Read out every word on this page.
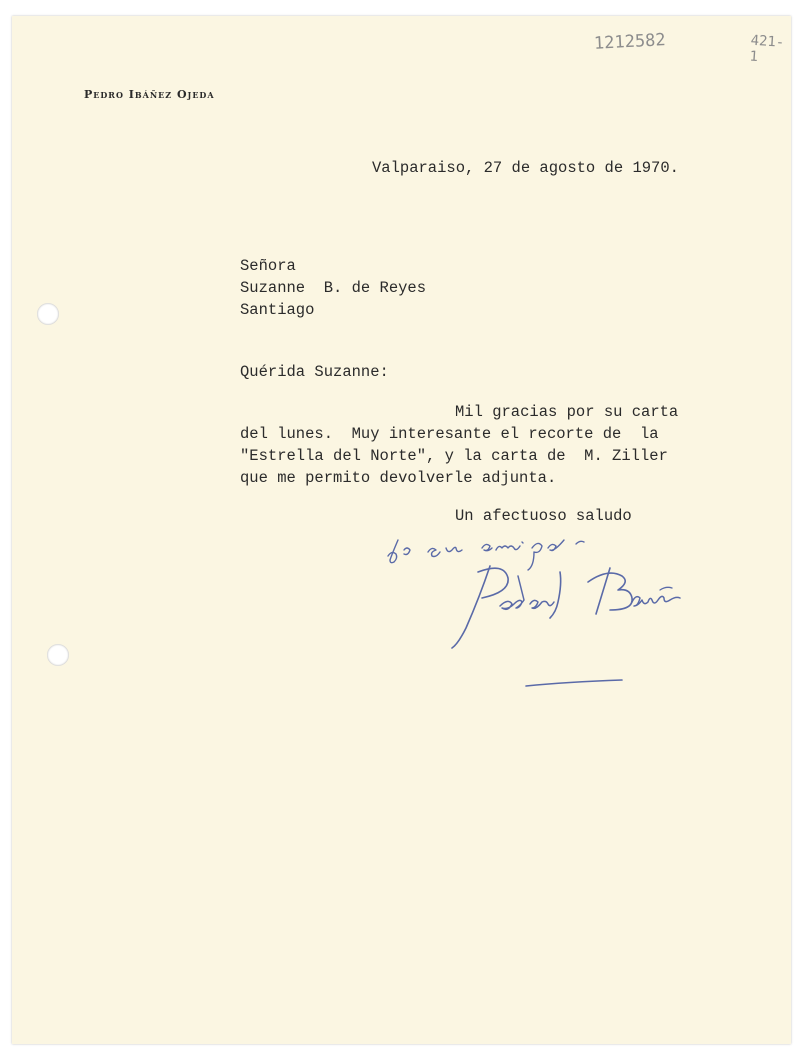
1212582	421-1
Pedro Ibáñez Ojeda
Valparaiso, 27 de agosto de 1970.
Señora
Suzanne  B. de Reyes
Santiago
Quérida Suzanne:
Mil gracias por su carta
del lunes.  Muy interesante el recorte de  la
"Estrella del Norte", y la carta de  M. Ziller
que me permito devolverle adjunta.
Un afectuoso saludo
